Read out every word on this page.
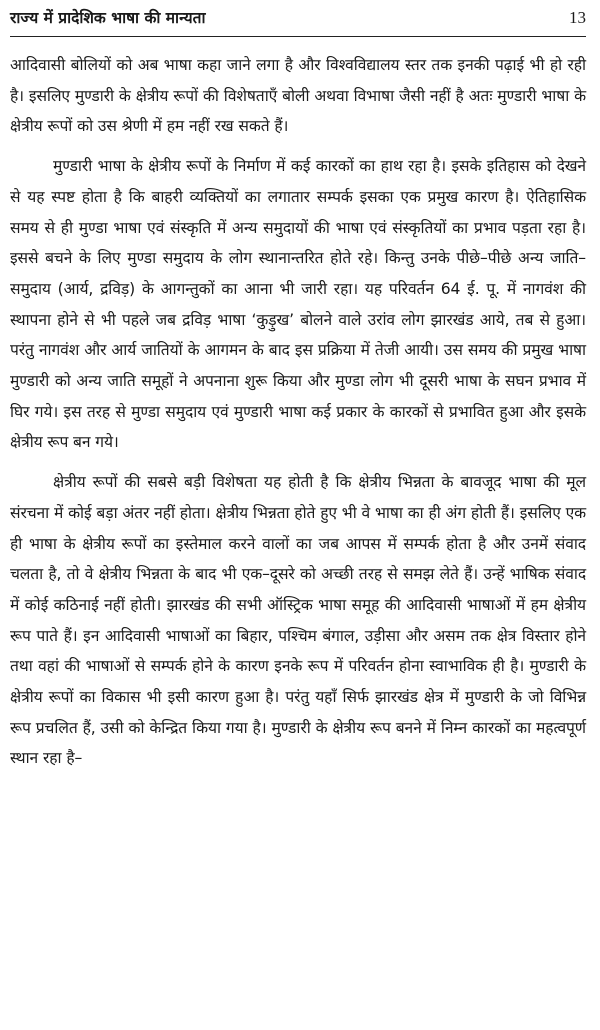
राज्य में प्रादेशिक भाषा की मान्यता	13

आदिवासी बोलियों को अब भाषा कहा जाने लगा है और विश्वविद्यालय स्तर तक इनकी पढ़ाई भी हो रही है। इसलिए मुण्डारी के क्षेत्रीय रूपों की विशेषताएँ बोली अथवा विभाषा जैसी नहीं है अतः मुण्डारी भाषा के क्षेत्रीय रूपों को उस श्रेणी में हम नहीं रख सकते हैं।

मुण्डारी भाषा के क्षेत्रीय रूपों के निर्माण में कई कारकों का हाथ रहा है। इसके इतिहास को देखने से यह स्पष्ट होता है कि बाहरी व्यक्तियों का लगातार सम्पर्क इसका एक प्रमुख कारण है। ऐतिहासिक समय से ही मुण्डा भाषा एवं संस्कृति में अन्य समुदायों की भाषा एवं संस्कृतियों का प्रभाव पड़ता रहा है। इससे बचने के लिए मुण्डा समुदाय के लोग स्थानान्तरित होते रहे। किन्तु उनके पीछे–पीछे अन्य जाति–समुदाय (आर्य, द्रविड़) के आगन्तुकों का आना भी जारी रहा। यह परिवर्तन 64 ई. पू. में नागवंश की स्थापना होने से भी पहले जब द्रविड़ भाषा ‘कुड़ुख’ बोलने वाले उरांव लोग झारखंड आये, तब से हुआ। परंतु नागवंश और आर्य जातियों के आगमन के बाद इस प्रक्रिया में तेजी आयी। उस समय की प्रमुख भाषा मुण्डारी को अन्य जाति समूहों ने अपनाना शुरू किया और मुण्डा लोग भी दूसरी भाषा के सघन प्रभाव में घिर गये। इस तरह से मुण्डा समुदाय एवं मुण्डारी भाषा कई प्रकार के कारकों से प्रभावित हुआ और इसके क्षेत्रीय रूप बन गये।

क्षेत्रीय रूपों की सबसे बड़ी विशेषता यह होती है कि क्षेत्रीय भिन्नता के बावजूद भाषा की मूल संरचना में कोई बड़ा अंतर नहीं होता। क्षेत्रीय भिन्नता होते हुए भी वे भाषा का ही अंग होती हैं। इसलिए एक ही भाषा के क्षेत्रीय रूपों का इस्तेमाल करने वालों का जब आपस में सम्पर्क होता है और उनमें संवाद चलता है, तो वे क्षेत्रीय भिन्नता के बाद भी एक–दूसरे को अच्छी तरह से समझ लेते हैं। उन्हें भाषिक संवाद में कोई कठिनाई नहीं होती। झारखंड की सभी ऑस्ट्रिक भाषा समूह की आदिवासी भाषाओं में हम क्षेत्रीय रूप पाते हैं। इन आदिवासी भाषाओं का बिहार, पश्चिम बंगाल, उड़ीसा और असम तक क्षेत्र विस्तार होने तथा वहां की भाषाओं से सम्पर्क होने के कारण इनके रूप में परिवर्तन होना स्वाभाविक ही है। मुण्डारी के क्षेत्रीय रूपों का विकास भी इसी कारण हुआ है। परंतु यहाँ सिर्फ झारखंड क्षेत्र में मुण्डारी के जो विभिन्न रूप प्रचलित हैं, उसी को केन्द्रित किया गया है। मुण्डारी के क्षेत्रीय रूप बनने में निम्न कारकों का महत्वपूर्ण स्थान रहा है–
